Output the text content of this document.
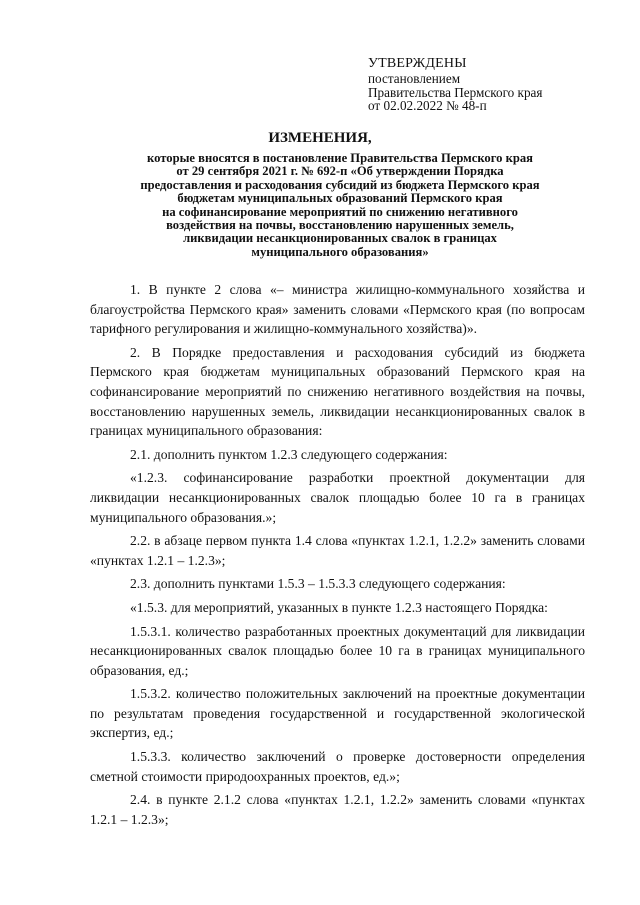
УТВЕРЖДЕНЫ
постановлением
Правительства Пермского края
от 02.02.2022 № 48-п
ИЗМЕНЕНИЯ,
которые вносятся в постановление Правительства Пермского края
от 29 сентября 2021 г. № 692-п «Об утверждении Порядка
предоставления и расходования субсидий из бюджета Пермского края
бюджетам муниципальных образований Пермского края
на софинансирование мероприятий по снижению негативного
воздействия на почвы, восстановлению нарушенных земель,
ликвидации несанкционированных свалок в границах
муниципального образования»

1. В пункте 2 слова «– министра жилищно-коммунального хозяйства и благоустройства Пермского края» заменить словами «Пермского края (по вопросам тарифного регулирования и жилищно-коммунального хозяйства)».

2. В Порядке предоставления и расходования субсидий из бюджета Пермского края бюджетам муниципальных образований Пермского края на софинансирование мероприятий по снижению негативного воздействия на почвы, восстановлению нарушенных земель, ликвидации несанкционированных свалок в границах муниципального образования:

2.1. дополнить пунктом 1.2.3 следующего содержания:

«1.2.3. софинансирование разработки проектной документации для ликвидации несанкционированных свалок площадью более 10 га в границах муниципального образования.»;

2.2. в абзаце первом пункта 1.4 слова «пунктах 1.2.1, 1.2.2» заменить словами «пунктах 1.2.1 – 1.2.3»;

2.3. дополнить пунктами 1.5.3 – 1.5.3.3 следующего содержания:

«1.5.3. для мероприятий, указанных в пункте 1.2.3 настоящего Порядка:

1.5.3.1. количество разработанных проектных документаций для ликвидации несанкционированных свалок площадью более 10 га в границах муниципального образования, ед.;

1.5.3.2. количество положительных заключений на проектные документации по результатам проведения государственной и государственной экологической экспертиз, ед.;

1.5.3.3. количество заключений о проверке достоверности определения сметной стоимости природоохранных проектов, ед.»;

2.4. в пункте 2.1.2 слова «пунктах 1.2.1, 1.2.2» заменить словами «пунктах 1.2.1 – 1.2.3»;
